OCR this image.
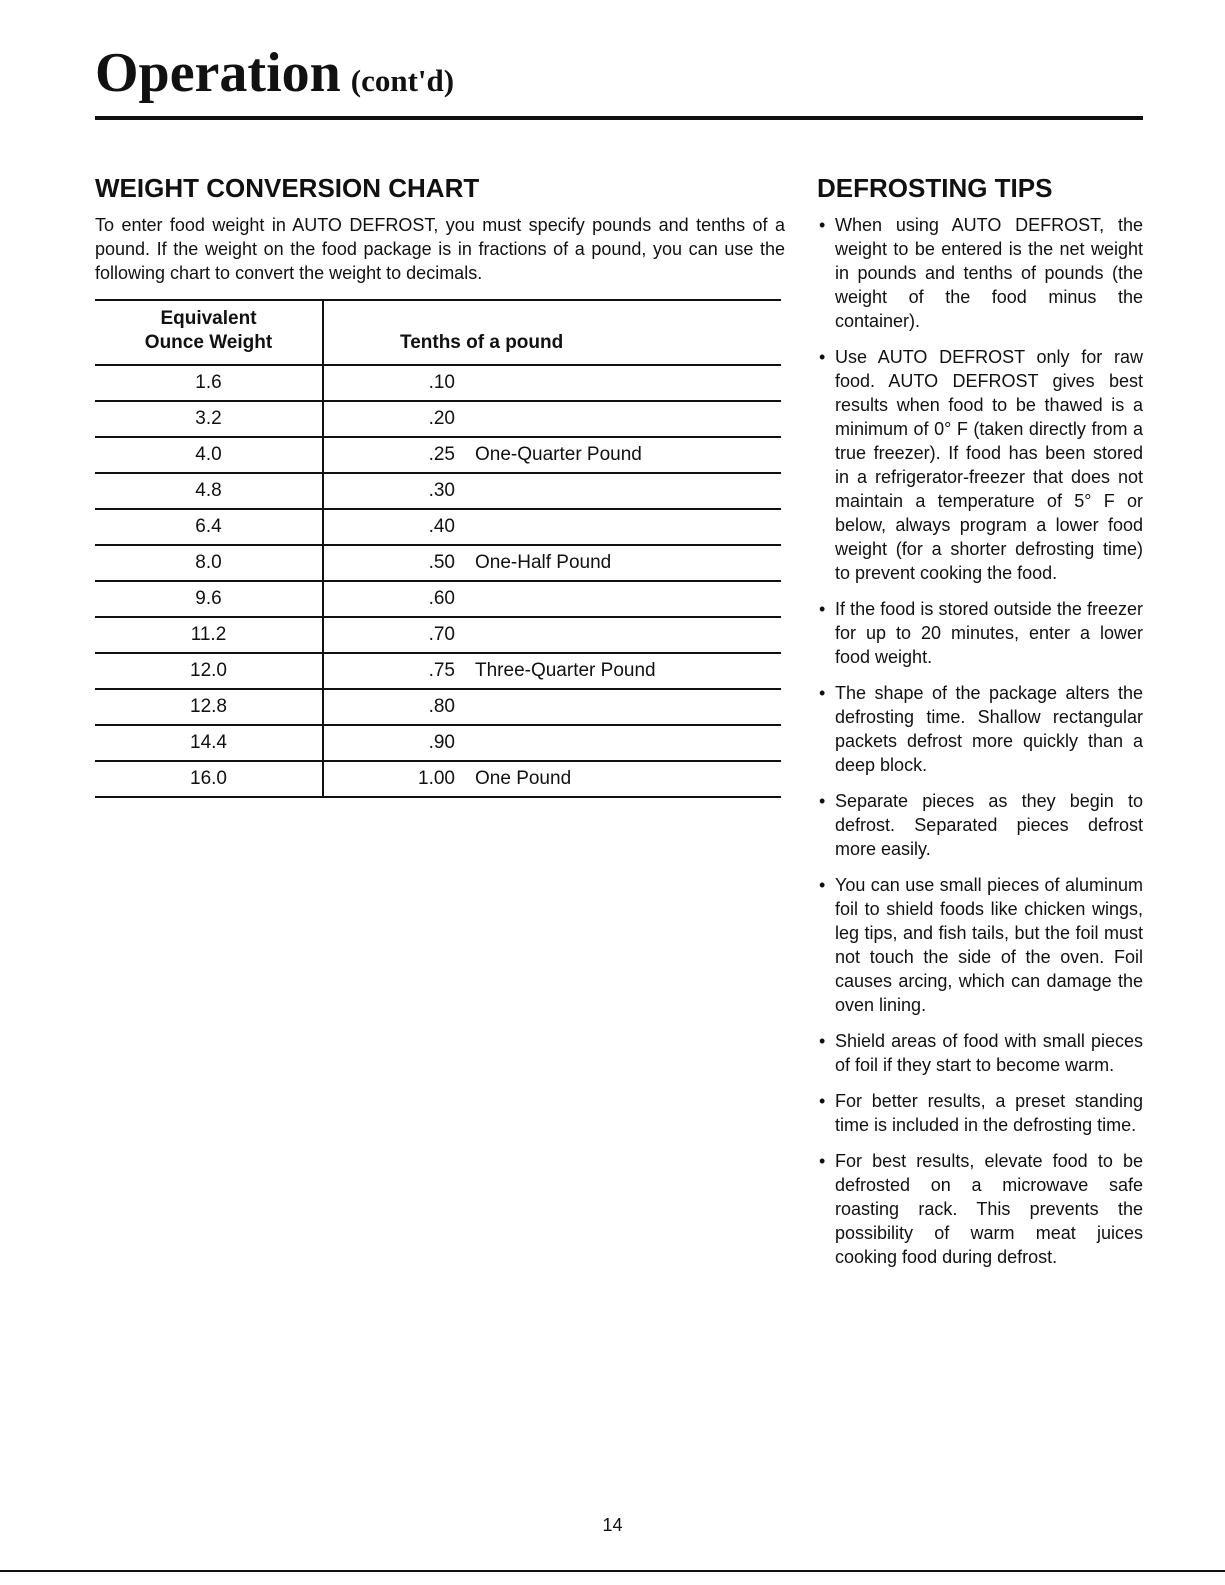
Operation (cont'd)
WEIGHT CONVERSION CHART

To enter food weight in AUTO DEFROST, you must specify pounds and tenths of a pound. If the weight on the food package is in fractions of a pound, you can use the following chart to convert the weight to decimals.

Equivalent
Ounce Weight	Tenths of a pound
1.6	.10
3.2	.20
4.0	.25 One-Quarter Pound
4.8	.30
6.4	.40
8.0	.50 One-Half Pound
9.6	.60
11.2	.70
12.0	.75 Three-Quarter Pound
12.8	.80
14.4	.90
16.0	1.00 One Pound
DEFROSTING TIPS
• When using AUTO DEFROST, the weight to be entered is the net weight in pounds and tenths of pounds (the weight of the food minus the container).
• Use AUTO DEFROST only for raw food. AUTO DEFROST gives best results when food to be thawed is a minimum of 0° F (taken directly from a true freezer). If food has been stored in a refrigerator-freezer that does not maintain a temperature of 5° F or below, always program a lower food weight (for a shorter defrosting time) to prevent cooking the food.
• If the food is stored outside the freezer for up to 20 minutes, enter a lower food weight.
• The shape of the package alters the defrosting time. Shallow rectangular packets defrost more quickly than a deep block.
• Separate pieces as they begin to defrost. Separated pieces defrost more easily.
• You can use small pieces of aluminum foil to shield foods like chicken wings, leg tips, and fish tails, but the foil must not touch the side of the oven. Foil causes arcing, which can damage the oven lining.
• Shield areas of food with small pieces of foil if they start to become warm.
• For better results, a preset standing time is included in the defrosting time.
• For best results, elevate food to be defrosted on a microwave safe roasting rack. This prevents the possibility of warm meat juices cooking food during defrost.
14
